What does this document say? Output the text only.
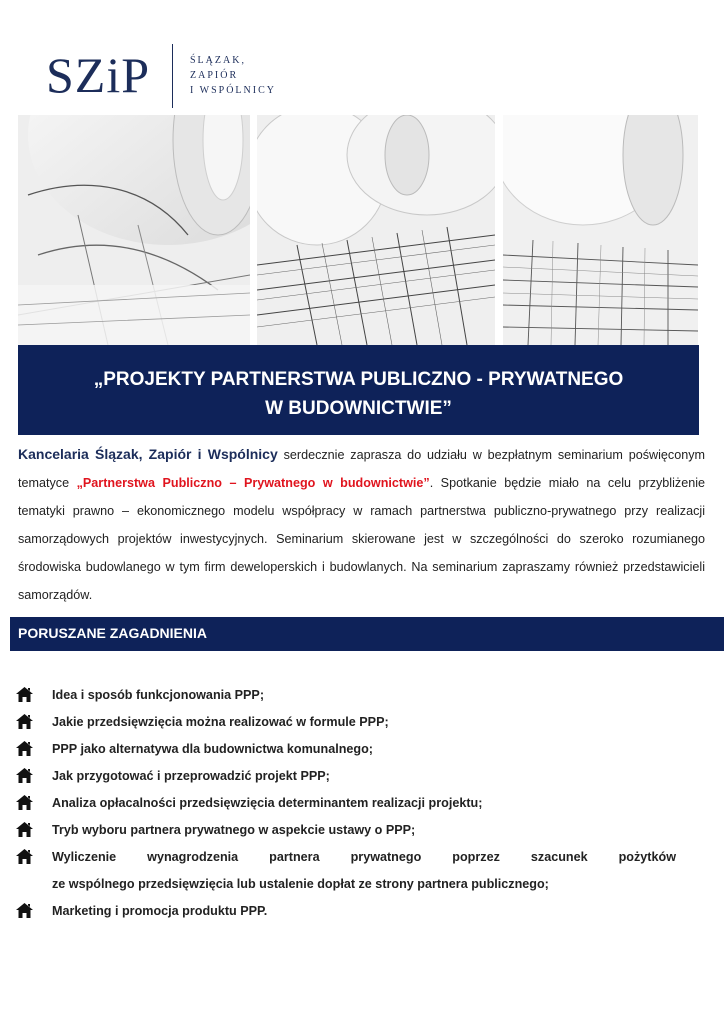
SZiP	ŚLĄZAK,
ZAPIÓR
I WSPÓLNICY
„PROJEKTY PARTNERSTWA PUBLICZNO - PRYWATNEGO
W BUDOWNICTWIE”
Kancelaria Ślązak, Zapiór i Wspólnicy serdecznie zaprasza do udziału w bezpłatnym seminarium poświęconym tematyce „Partnerstwa Publiczno – Prywatnego w budownictwie”. Spotkanie będzie miało na celu przybliżenie tematyki prawno – ekonomicznego modelu współpracy w ramach partnerstwa publiczno-prywatnego przy realizacji samorządowych projektów inwestycyjnych. Seminarium skierowane jest w szczególności do szeroko rozumianego środowiska budowlanego w tym firm deweloperskich i budowlanych. Na seminarium zapraszamy również przedstawicieli samorządów.
PORUSZANE ZAGADNIENIA
Idea i sposób funkcjonowania PPP;
Jakie przedsięwzięcia można realizować w formule PPP;
PPP jako alternatywa dla budownictwa komunalnego;
Jak przygotować i przeprowadzić projekt PPP;
Analiza opłacalności przedsięwzięcia determinantem realizacji projektu;
Tryb wyboru partnera prywatnego w aspekcie ustawy o PPP;
Wyliczenie wynagrodzenia partnera prywatnego poprzez szacunek pożytków
ze wspólnego przedsięwzięcia lub ustalenie dopłat ze strony partnera publicznego;
Marketing i promocja produktu PPP.
